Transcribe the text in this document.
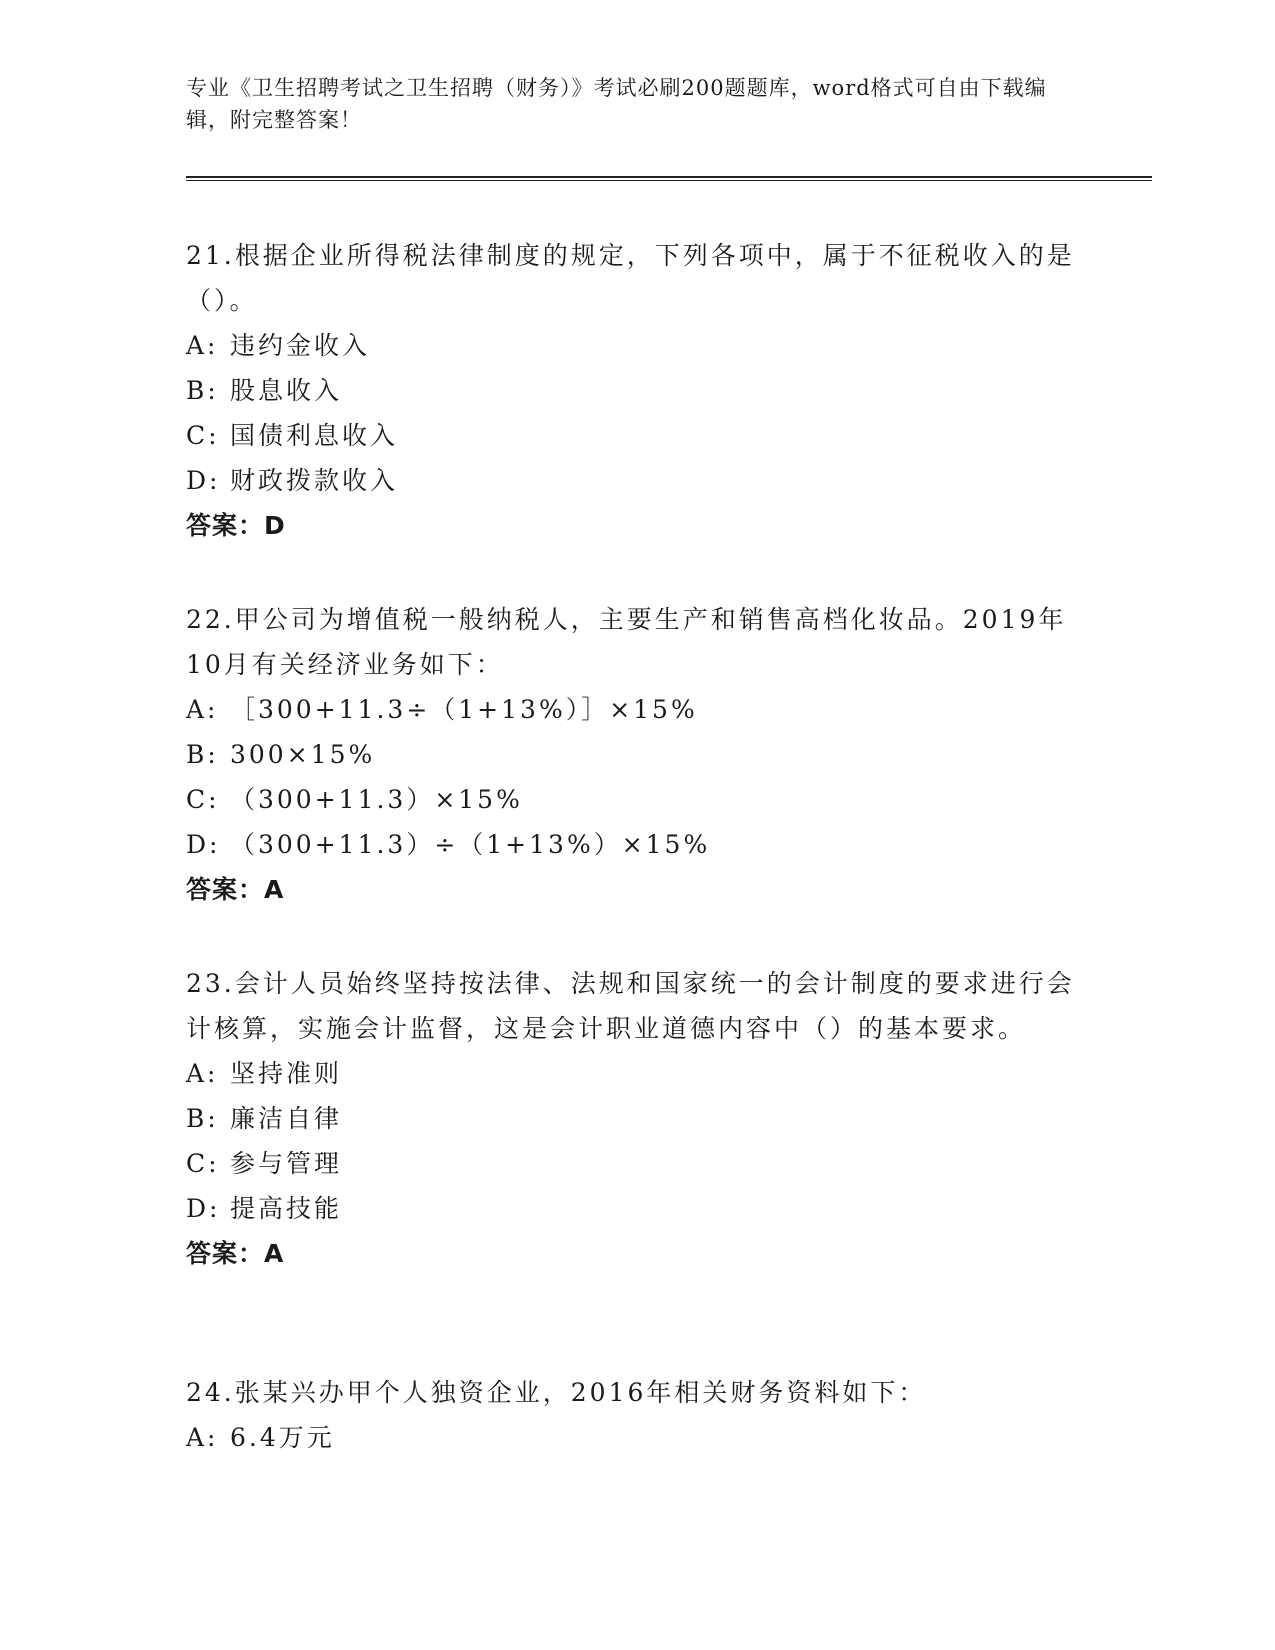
专业《卫生招聘考试之卫生招聘（财务）》考试必刷200题题库，word格式可自由下载编辑，附完整答案！
21.根据企业所得税法律制度的规定，下列各项中，属于不征税收入的是（）。
A: 违约金收入
B: 股息收入
C: 国债利息收入
D: 财政拨款收入
答案：D
22.甲公司为增值税一般纳税人，主要生产和销售高档化妆品。2019年10月有关经济业务如下：
A: ［300+11.3÷（1+13%）］×15%
B: 300×15%
C: （300+11.3）×15%
D: （300+11.3）÷（1+13%）×15%
答案：A
23.会计人员始终坚持按法律、法规和国家统一的会计制度的要求进行会计核算，实施会计监督，这是会计职业道德内容中（）的基本要求。
A: 坚持准则
B: 廉洁自律
C: 参与管理
D: 提高技能
答案：A
24.张某兴办甲个人独资企业，2016年相关财务资料如下：
A: 6.4万元
